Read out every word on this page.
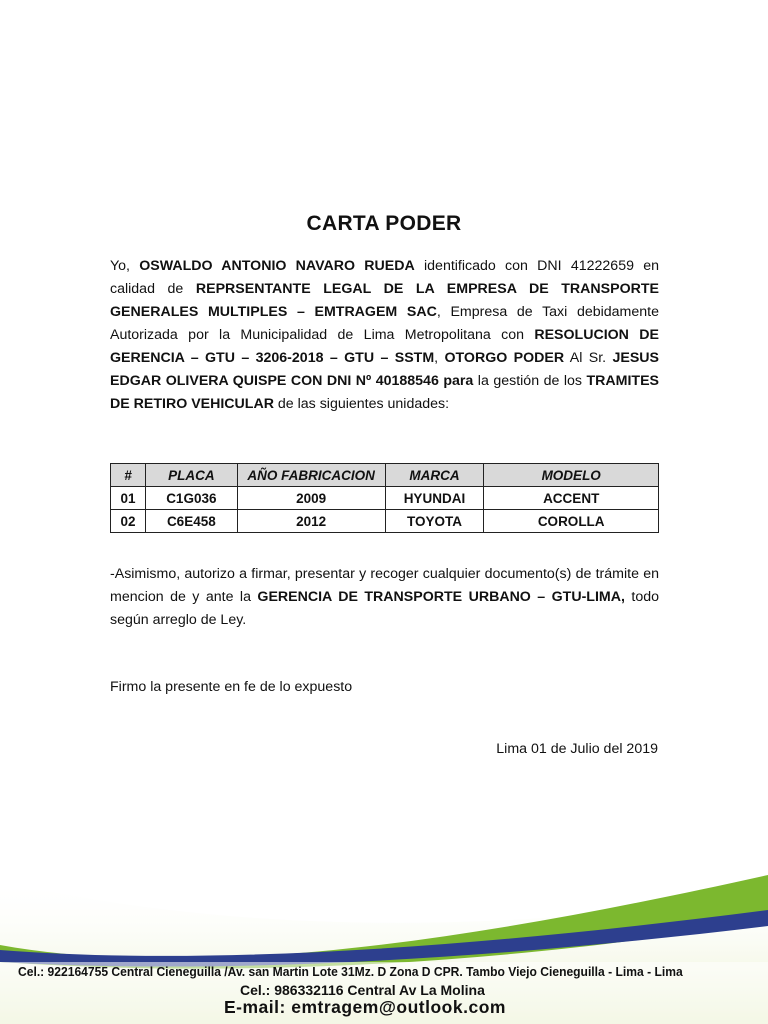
CARTA PODER
Yo, OSWALDO ANTONIO NAVARO RUEDA identificado con DNI 41222659 en calidad de REPRSENTANTE LEGAL DE LA EMPRESA DE TRANSPORTE GENERALES MULTIPLES – EMTRAGEM SAC, Empresa de Taxi debidamente Autorizada por la Municipalidad de Lima Metropolitana con RESOLUCION DE GERENCIA – GTU – 3206-2018 – GTU – SSTM, OTORGO PODER Al Sr. JESUS EDGAR OLIVERA QUISPE CON DNI Nº 40188546 para la gestión de los TRAMITES DE RETIRO VEHICULAR de las siguientes unidades:
#	PLACA	AÑO FABRICACION	MARCA	MODELO
01	C1G036	2009	HYUNDAI	ACCENT
02	C6E458	2012	TOYOTA	COROLLA
-Asimismo, autorizo a firmar, presentar y recoger cualquier documento(s) de trámite en mencion de y ante la GERENCIA DE TRANSPORTE URBANO – GTU-LIMA, todo según arreglo de Ley.
Firmo la presente en fe de lo expuesto
Lima 01 de Julio del 2019
Cel.: 922164755 Central Cieneguilla /Av. san Martin Lote 31Mz. D Zona D CPR. Tambo Viejo Cieneguilla - Lima - Lima
Cel.: 986332116 Central Av La Molina
E-mail: emtragem@outlook.com
